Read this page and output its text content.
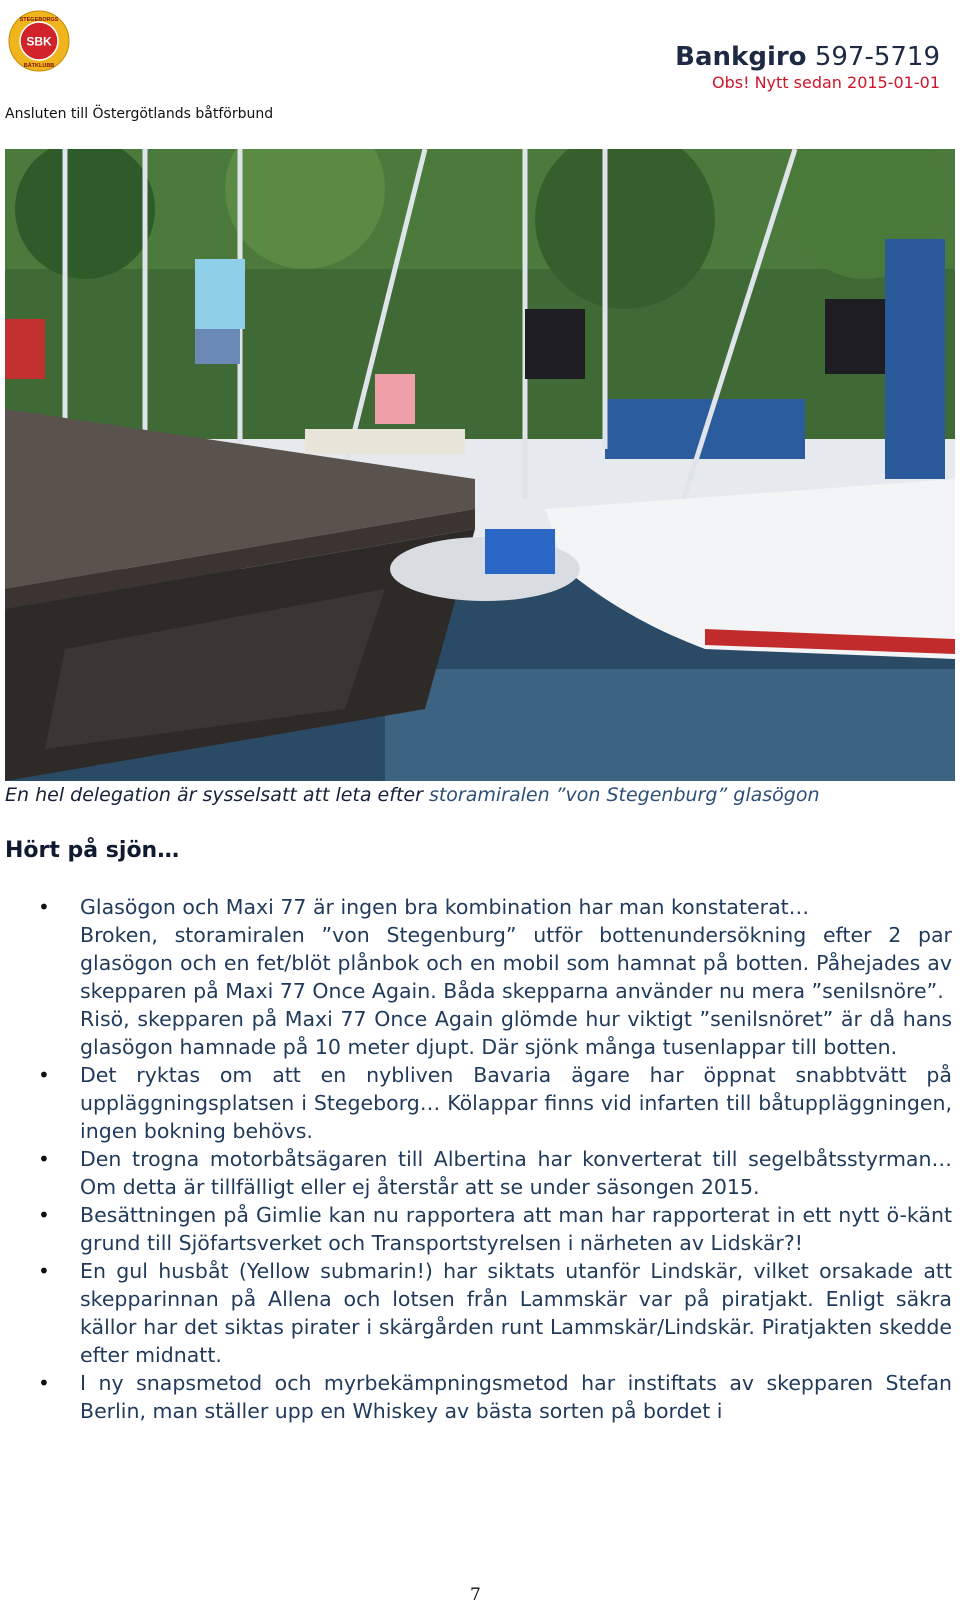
SBK
STEGEBORGS
BÅTKLUBB
Ansluten till Östergötlands båtförbund
Bankgiro 597-5719
Obs! Nytt sedan 2015-01-01
En hel delegation är sysselsatt att leta efter storamiralen ”von Stegenburg” glasögon
Hört på sjön…
• Glasögon och Maxi 77 är ingen bra kombination har man konstaterat…

Broken, storamiralen ”von Stegenburg” utför bottenundersökning efter 2 par glasögon och en fet/blöt plånbok och en mobil som hamnat på botten. Påhejades av skepparen på Maxi 77 Once Again. Båda skepparna använder nu mera ”senilsnöre”.

Risö, skepparen på Maxi 77 Once Again glömde hur viktigt ”senilsnöret” är då hans glasögon hamnade på 10 meter djupt. Där sjönk många tusenlappar till botten.

• Det ryktas om att en nybliven Bavaria ägare har öppnat snabbtvätt på uppläggningsplatsen i Stegeborg… Kölappar finns vid infarten till båtuppläggningen, ingen bokning behövs.

• Den trogna motorbåtsägaren till Albertina har konverterat till segelbåtsstyrman… Om detta är tillfälligt eller ej återstår att se under säsongen 2015.

• Besättningen på Gimlie kan nu rapportera att man har rapporterat in ett nytt ö-känt grund till Sjöfartsverket och Transportstyrelsen i närheten av Lidskär?!

• En gul husbåt (Yellow submarin!) har siktats utanför Lindskär, vilket orsakade att skepparinnan på Allena och lotsen från Lammskär var på piratjakt. Enligt säkra källor har det siktas pirater i skärgården runt Lammskär/Lindskär. Piratjakten skedde efter midnatt.

• I ny snapsmetod och myrbekämpningsmetod har instiftats av skepparen Stefan Berlin, man ställer upp en Whiskey av bästa sorten på bordet i

7
